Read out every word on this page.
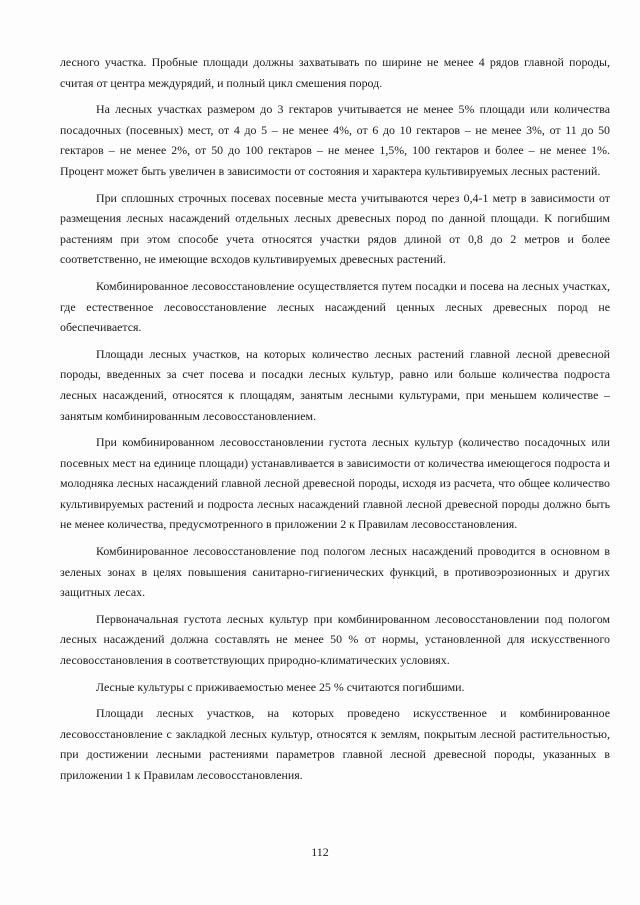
лесного участка. Пробные площади должны захватывать по ширине не менее 4 рядов главной породы, считая от центра междурядий, и полный цикл смешения пород.

На лесных участках размером до 3 гектаров учитывается не менее 5% площади или количества посадочных (посевных) мест, от 4 до 5 – не менее 4%, от 6 до 10 гектаров – не менее 3%, от 11 до 50 гектаров – не менее 2%, от 50 до 100 гектаров – не менее 1,5%, 100 гектаров и более – не менее 1%. Процент может быть увеличен в зависимости от состояния и характера культивируемых лесных растений.

При сплошных строчных посевах посевные места учитываются через 0,4-1 метр в зависимости от размещения лесных насаждений отдельных лесных древесных пород по данной площади. К погибшим растениям при этом способе учета относятся участки рядов длиной от 0,8 до 2 метров и более соответственно, не имеющие всходов культивируемых древесных растений.

Комбинированное лесовосстановление осуществляется путем посадки и посева на лесных участках, где естественное лесовосстановление лесных насаждений ценных лесных древесных пород не обеспечивается.

Площади лесных участков, на которых количество лесных растений главной лесной древесной породы, введенных за счет посева и посадки лесных культур, равно или больше количества подроста лесных насаждений, относятся к площадям, занятым лесными культурами, при меньшем количестве – занятым комбинированным лесовосстановлением.

При комбинированном лесовосстановлении густота лесных культур (количество посадочных или посевных мест на единице площади) устанавливается в зависимости от количества имеющегося подроста и молодняка лесных насаждений главной лесной древесной породы, исходя из расчета, что общее количество культивируемых растений и подроста лесных насаждений главной лесной древесной породы должно быть не менее количества, предусмотренного в приложении 2 к Правилам лесовосстановления.

Комбинированное лесовосстановление под пологом лесных насаждений проводится в основном в зеленых зонах в целях повышения санитарно-гигиенических функций, в противоэрозионных и других защитных лесах.

Первоначальная густота лесных культур при комбинированном лесовосстановлении под пологом лесных насаждений должна составлять не менее 50 % от нормы, установленной для искусственного лесовосстановления в соответствующих природно-климатических условиях.

Лесные культуры с приживаемостью менее 25 % считаются погибшими.

Площади лесных участков, на которых проведено искусственное и комбинированное лесовосстановление с закладкой лесных культур, относятся к землям, покрытым лесной растительностью, при достижении лесными растениями параметров главной лесной древесной породы, указанных в приложении 1 к Правилам лесовосстановления.

112
